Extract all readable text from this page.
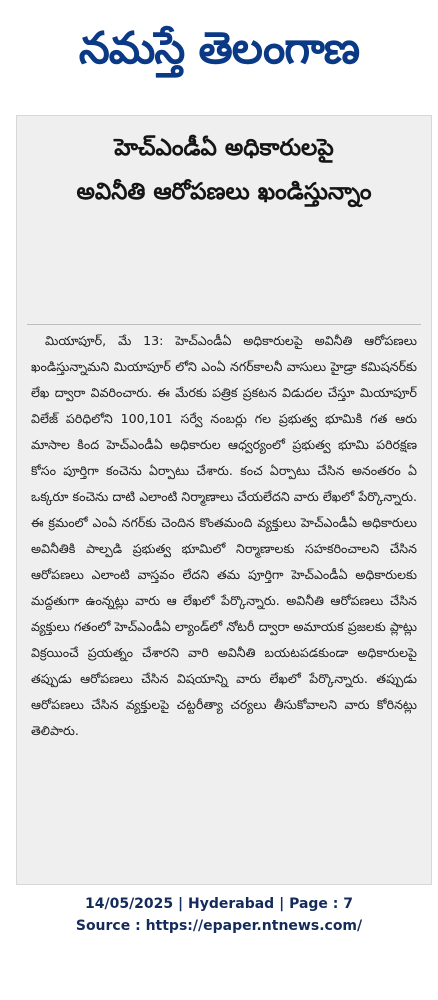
నమస్తే తెలంగాణ
హెచ్‌ఎండీఏ అధికారులపై
అవినీతి ఆరోపణలు ఖండిస్తున్నాం

మియాపూర్, మే 13: హెచ్‌ఎండీఏ అధికారులపై అవినీతి ఆరోపణలు ఖండిస్తున్నామని మియాపూర్ లోని ఎంఏ నగర్‌కాలనీ వాసులు హైడ్రా కమిషనర్‌కు లేఖ ద్వారా వివరించారు. ఈ మేరకు పత్రిక ప్రకటన విడుదల చేస్తూ మియాపూర్ విలేజ్ పరిధిలోని 100,101 సర్వే నంబర్లు గల ప్రభుత్వ భూమికి గత ఆరు మాసాల కింద హెచ్‌ఎండీఏ అధికారుల ఆధ్వర్యంలో ప్రభుత్వ భూమి పరిరక్షణ కోసం పూర్తిగా కంచెను ఏర్పాటు చేశారు. కంచ ఏర్పాటు చేసిన అనంతరం ఏ ఒక్కరూ కంచెను దాటి ఎలాంటి నిర్మాణాలు చేయలేదని వారు లేఖలో పేర్కొన్నారు. ఈ క్రమంలో ఎంఏ నగర్‌కు చెందిన కొంతమంది వ్యక్తులు హెచ్‌ఎండీఏ అధికారులు అవినీతికి పాల్పడి ప్రభుత్వ భూమిలో నిర్మాణాలకు సహకరించాలని చేసిన ఆరోపణలు ఎలాంటి వాస్తవం లేదని తమ పూర్తిగా హెచ్‌ఎండీఏ అధికారులకు మద్దతుగా ఉంన్నట్లు వారు ఆ లేఖలో పేర్కొన్నారు. అవినీతి ఆరోపణలు చేసిన వ్యక్తులు గతంలో హెచ్‌ఎండీఏ ల్యాండ్‌లో నోటరీ ద్వారా అమాయక ప్రజలకు ప్లాట్లు విక్రయించే ప్రయత్నం చేశారని వారి అవినీతి బయటపడకుండా అధికారులపై తప్పుడు ఆరోపణలు చేసిన విషయాన్ని వారు లేఖలో పేర్కొన్నారు. తప్పుడు ఆరోపణలు చేసిన వ్యక్తులపై చట్టరీత్యా చర్యలు తీసుకోవాలని వారు కోరినట్లు తెలిపారు.

14/05/2025 | Hyderabad | Page : 7
Source : https://epaper.ntnews.com/
